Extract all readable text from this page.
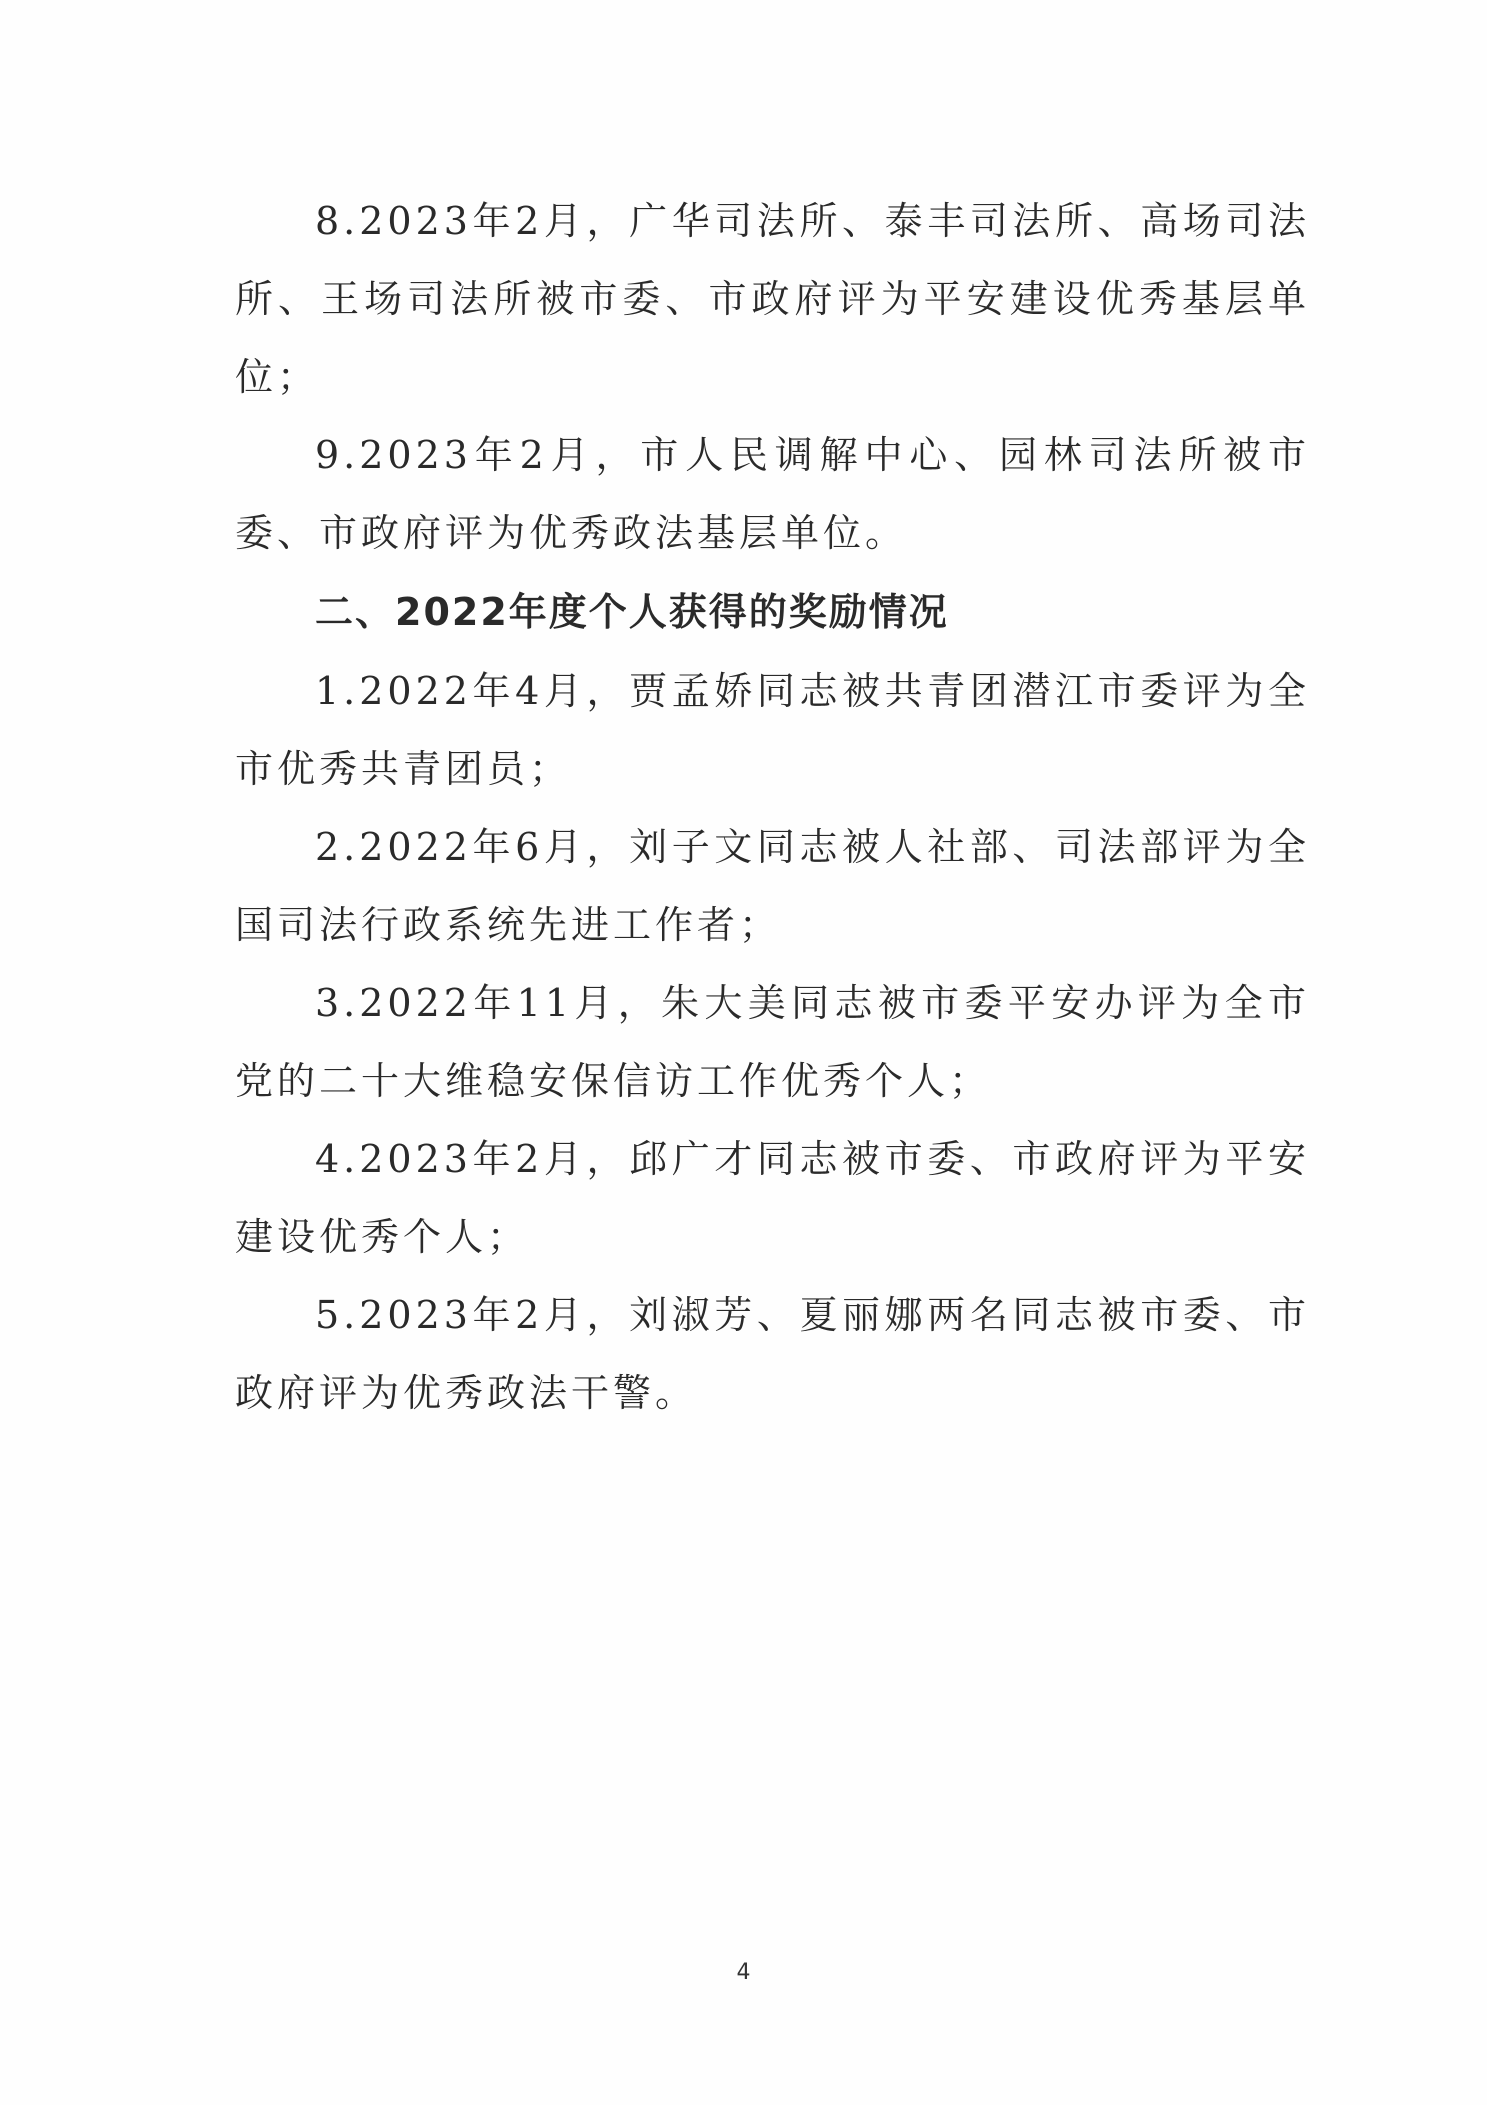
8.2023年2月，广华司法所、泰丰司法所、高场司法所、王场司法所被市委、市政府评为平安建设优秀基层单位；

9.2023年2月，市人民调解中心、园林司法所被市委、市政府评为优秀政法基层单位。

二、2022年度个人获得的奖励情况

1.2022年4月，贾孟娇同志被共青团潜江市委评为全市优秀共青团员；

2.2022年6月，刘子文同志被人社部、司法部评为全国司法行政系统先进工作者；

3.2022年11月，朱大美同志被市委平安办评为全市党的二十大维稳安保信访工作优秀个人；

4.2023年2月，邱广才同志被市委、市政府评为平安建设优秀个人；

5.2023年2月，刘淑芳、夏丽娜两名同志被市委、市政府评为优秀政法干警。

4
